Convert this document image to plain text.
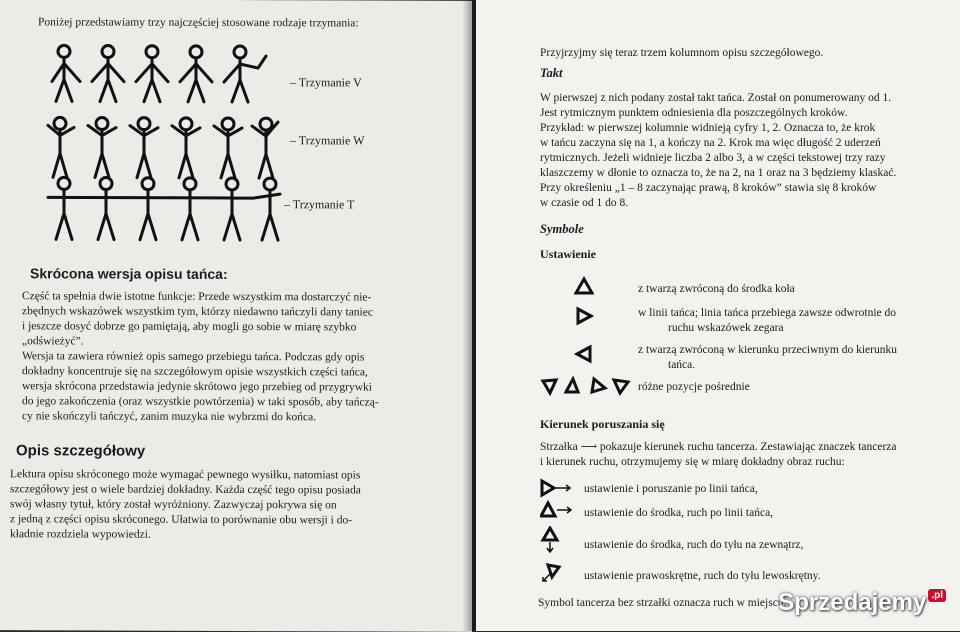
Poniżej przedstawiamy trzy najczęściej stosowane rodzaje trzymania:
– Trzymanie V
– Trzymanie W
– Trzymanie T
Skrócona wersja opisu tańca:

Część ta spełnia dwie istotne funkcje: Przede wszystkim ma dostarczyć nie-

zbędnych wskazówek wszystkim tym, którzy niedawno tańczyli dany taniec

i jeszcze dosyć dobrze go pamiętają, aby mogli go sobie w miarę szybko

„odświeżyć”.

Wersja ta zawiera również opis samego przebiegu tańca. Podczas gdy opis

dokładny koncentruje się na szczegółowym opisie wszystkich części tańca,

wersja skrócona przedstawia jedynie skrótowo jego przebieg od przygrywki

do jego zakończenia (oraz wszystkie powtórzenia) w taki sposób, aby tańczą-

cy nie skończyli tańczyć, zanim muzyka nie wybrzmi do końca.

Opis szczegółowy

Lektura opisu skróconego może wymagać pewnego wysiłku, natomiast opis

szczegółowy jest o wiele bardziej dokładny. Każda część tego opisu posiada

swój własny tytuł, który został wyróżniony. Zazwyczaj pokrywa się on

z jedną z części opisu skróconego. Ułatwia to porównanie obu wersji i do-

kładnie rozdziela wypowiedzi.

Przyjrzyjmy się teraz trzem kolumnom opisu szczegółowego.
Takt

W pierwszej z nich podany został takt tańca. Został on ponumerowany od 1.

Jest rytmicznym punktem odniesienia dla poszczególnych kroków.

Przykład: w pierwszej kolumnie widnieją cyfry 1, 2. Oznacza to, że krok

w tańcu zaczyna się na 1, a kończy na 2. Krok ma więc długość 2 uderzeń

rytmicznych. Jeżeli widnieje liczba 2 albo 3, a w części tekstowej trzy razy

klaszczemy w dłonie to oznacza to, że na 2, na 1 oraz na 3 będziemy klaskać.

Przy określeniu „1 – 8 zaczynając prawą, 8 kroków” stawia się 8 kroków

w czasie od 1 do 8.

Symbole
Ustawienie
z twarzą zwróconą do środka koła
w linii tańca; linia tańca przebiega zawsze odwrotnie do
ruchu wskazówek zegara
z twarzą zwróconą w kierunku przeciwnym do kierunku
tańca.
różne pozycje pośrednie
Kierunek poruszania się

Strzałka ⟶ pokazuje kierunek ruchu tancerza. Zestawiając znaczek tancerza

i kierunek ruchu, otrzymujemy się w miarę dokładny obraz ruchu:

ustawienie i poruszanie po linii tańca,
ustawienie do środka, ruch po linii tańca,
ustawienie do środka, ruch do tyłu na zewnątrz,
ustawienie prawoskrętne, ruch do tyłu lewoskrętny.
Symbol tancerza bez strzałki oznacza ruch w miejscu.
Sprzedajemy .pl
